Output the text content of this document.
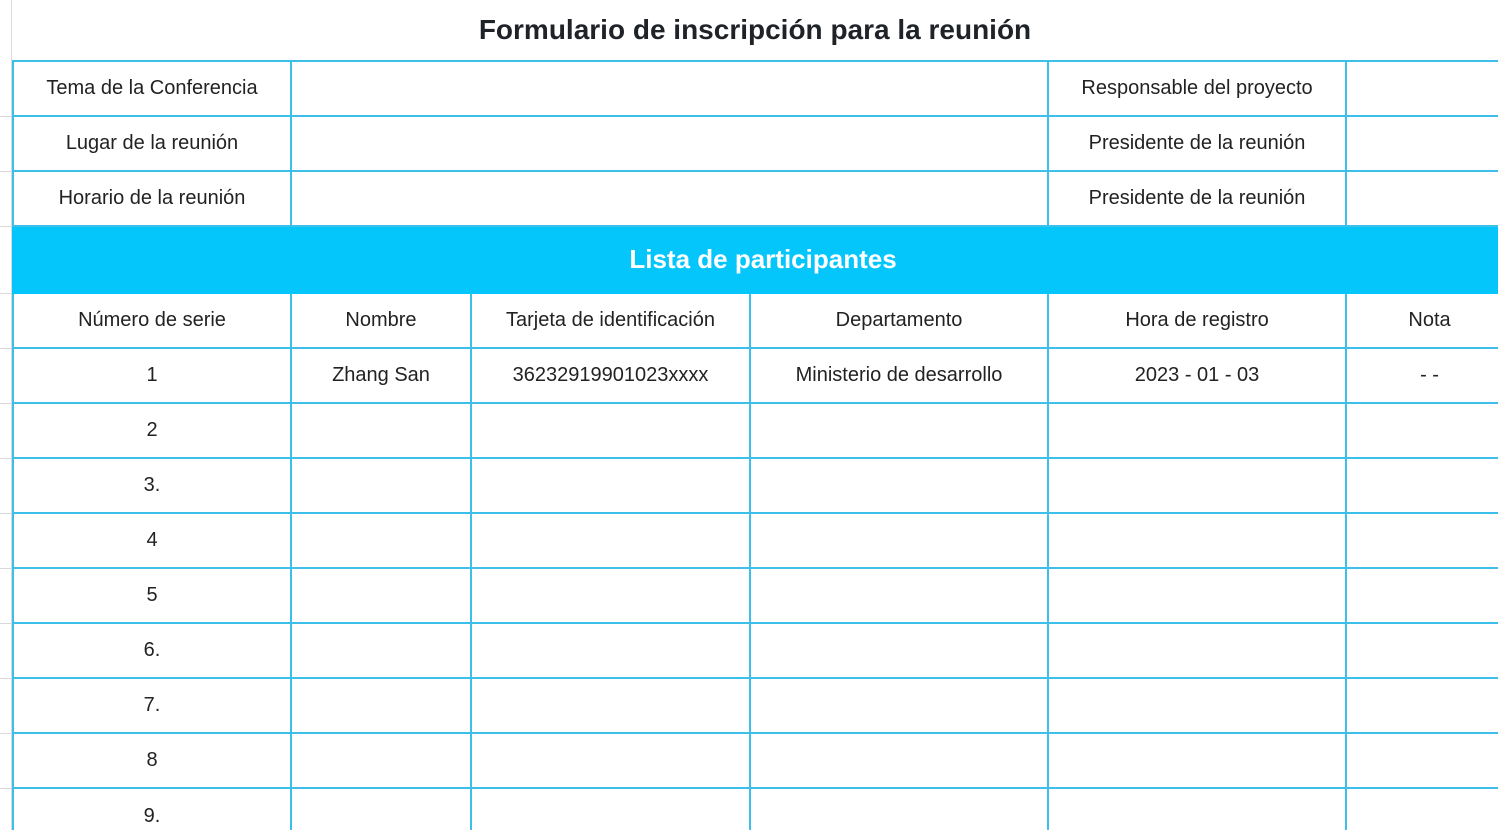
Formulario de inscripción para la reunión
Tema de la Conferencia				Responsable del proyecto	
Lugar de la reunión				Presidente de la reunión	
Horario de la reunión				Presidente de la reunión	
Lista de participantes					
Número de serie	Nombre	Tarjeta de identificación	Departamento	Hora de registro	Nota
1	Zhang San	36232919901023xxxx	Ministerio de desarrollo	2023 - 01 - 03	- -
2					
3.					
4					
5					
6.					
7.					
8					
9.					
